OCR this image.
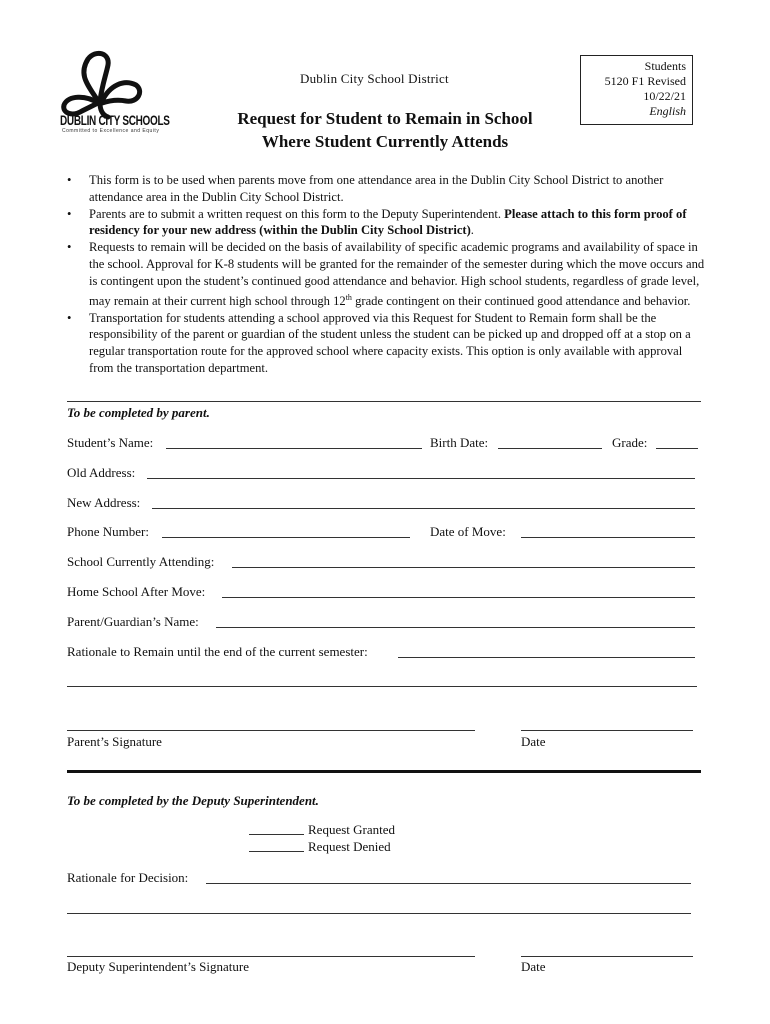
DUBLIN CITY SCHOOLS
Committed to Excellence and Equity
Dublin City School District
Request for Student to Remain in School
Where Student Currently Attends
Students
5120 F1 Revised
10/22/21
English
• This form is to be used when parents move from one attendance area in the Dublin City School District to another attendance area in the Dublin City School District.
• Parents are to submit a written request on this form to the Deputy Superintendent. Please attach to this form proof of residency for your new address (within the Dublin City School District).
• Requests to remain will be decided on the basis of availability of specific academic programs and availability of space in the school. Approval for K-8 students will be granted for the remainder of the semester during which the move occurs and is contingent upon the student’s continued good attendance and behavior. High school students, regardless of grade level, may remain at their current high school through 12th grade contingent on their continued good attendance and behavior.
• Transportation for students attending a school approved via this Request for Student to Remain form shall be the responsibility of the parent or guardian of the student unless the student can be picked up and dropped off at a stop on a regular transportation route for the approved school where capacity exists. This option is only available with approval from the transportation department.
To be completed by parent.
Student’s Name:	Birth Date:	Grade:
Old Address:
New Address:
Phone Number:	Date of Move:
School Currently Attending:
Home School After Move:
Parent/Guardian’s Name:
Rationale to Remain until the end of the current semester:
Parent’s Signature	Date
To be completed by the Deputy Superintendent.
Request Granted
Request Denied
Rationale for Decision:
Deputy Superintendent’s Signature	Date
